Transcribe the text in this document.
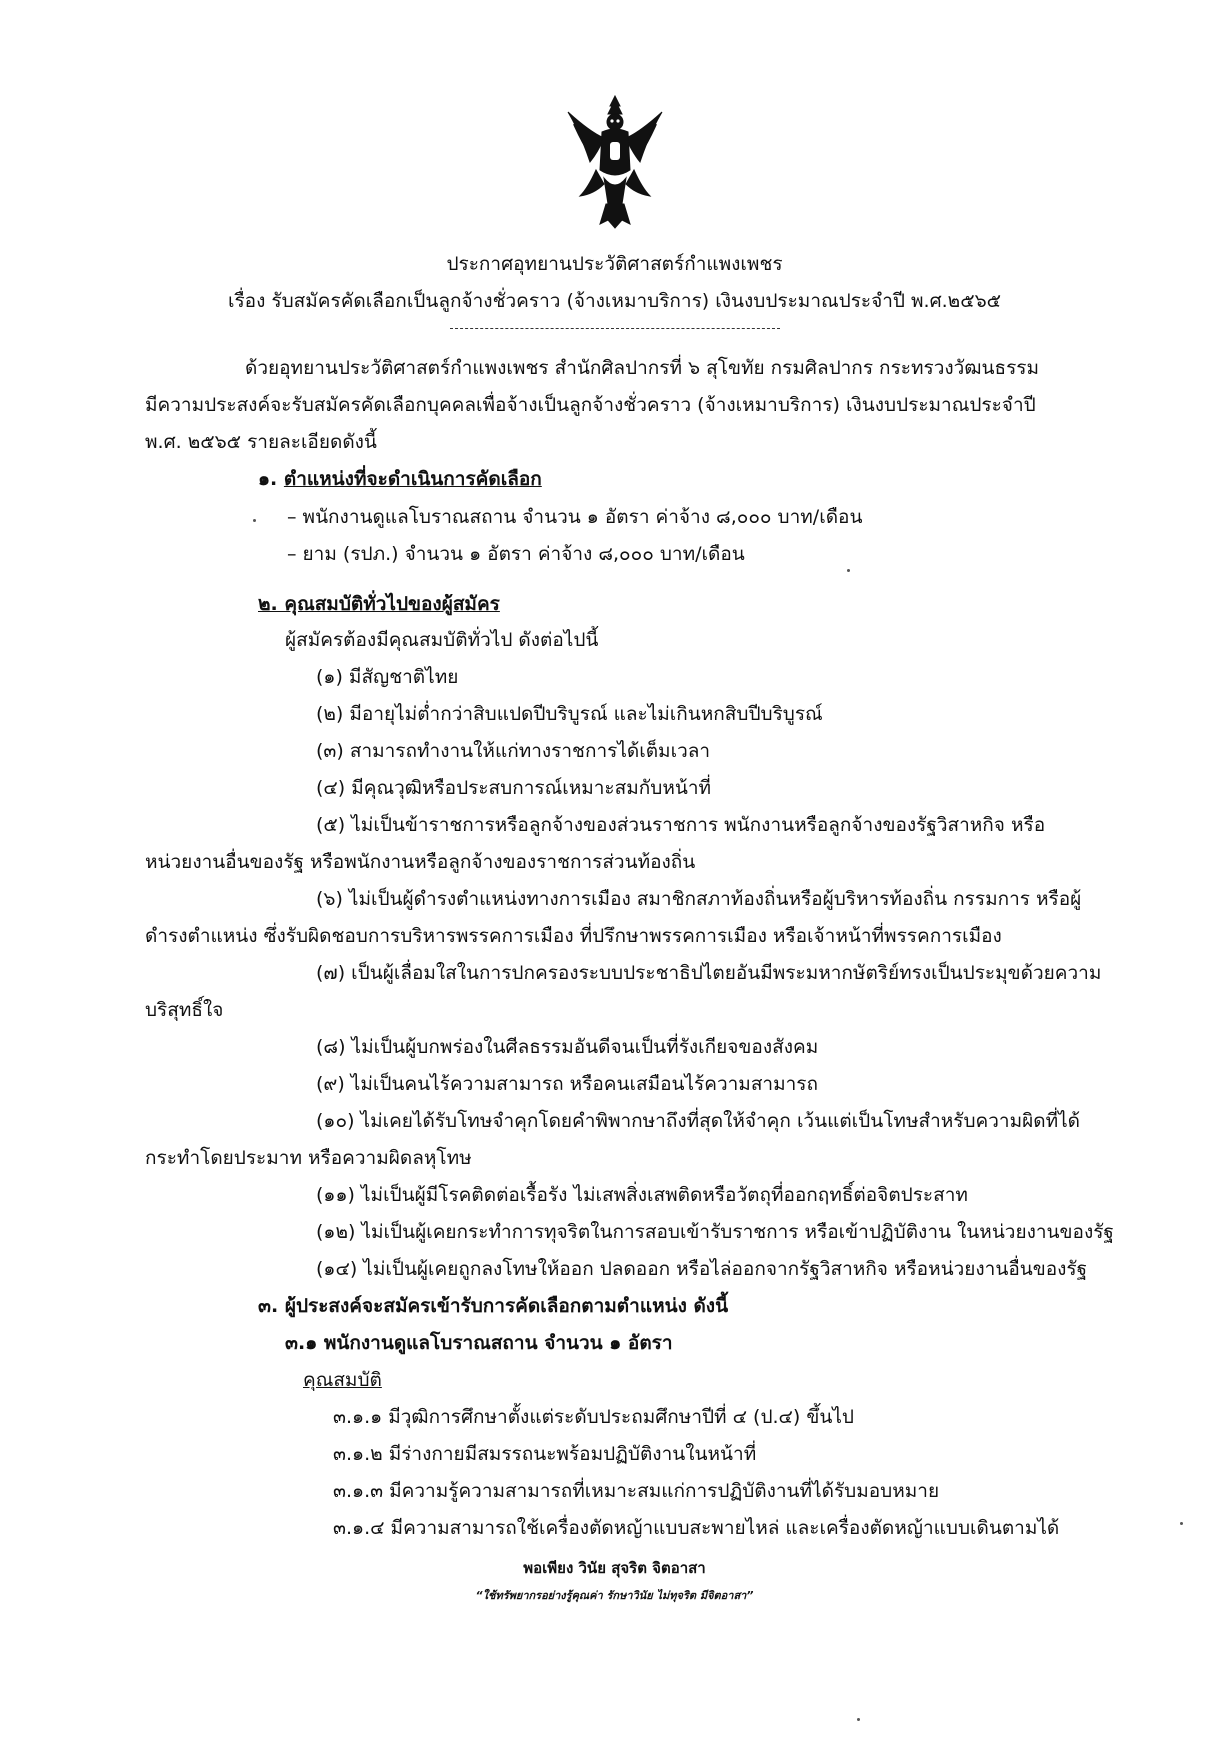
ประกาศอุทยานประวัติศาสตร์กำแพงเพชร
เรื่อง รับสมัครคัดเลือกเป็นลูกจ้างชั่วคราว (จ้างเหมาบริการ) เงินงบประมาณประจำปี พ.ศ.๒๕๖๕
ด้วยอุทยานประวัติศาสตร์กำแพงเพชร สำนักศิลปากรที่ ๖ สุโขทัย กรมศิลปากร กระทรวงวัฒนธรรม
มีความประสงค์จะรับสมัครคัดเลือกบุคคลเพื่อจ้างเป็นลูกจ้างชั่วคราว (จ้างเหมาบริการ) เงินงบประมาณประจำปี
พ.ศ. ๒๕๖๕ รายละเอียดดังนี้
๑. ตำแหน่งที่จะดำเนินการคัดเลือก
– พนักงานดูแลโบราณสถาน จำนวน ๑ อัตรา ค่าจ้าง ๘,๐๐๐ บาท/เดือน
– ยาม (รปภ.) จำนวน ๑ อัตรา ค่าจ้าง ๘,๐๐๐ บาท/เดือน
๒. คุณสมบัติทั่วไปของผู้สมัคร
ผู้สมัครต้องมีคุณสมบัติทั่วไป ดังต่อไปนี้
(๑) มีสัญชาติไทย
(๒) มีอายุไม่ต่ำกว่าสิบแปดปีบริบูรณ์ และไม่เกินหกสิบปีบริบูรณ์
(๓) สามารถทำงานให้แก่ทางราชการได้เต็มเวลา
(๔) มีคุณวุฒิหรือประสบการณ์เหมาะสมกับหน้าที่
(๕) ไม่เป็นข้าราชการหรือลูกจ้างของส่วนราชการ พนักงานหรือลูกจ้างของรัฐวิสาหกิจ หรือ
หน่วยงานอื่นของรัฐ หรือพนักงานหรือลูกจ้างของราชการส่วนท้องถิ่น
(๖) ไม่เป็นผู้ดำรงตำแหน่งทางการเมือง สมาชิกสภาท้องถิ่นหรือผู้บริหารท้องถิ่น กรรมการ หรือผู้
ดำรงตำแหน่ง ซึ่งรับผิดชอบการบริหารพรรคการเมือง ที่ปรึกษาพรรคการเมือง หรือเจ้าหน้าที่พรรคการเมือง
(๗) เป็นผู้เลื่อมใสในการปกครองระบบประชาธิปไตยอันมีพระมหากษัตริย์ทรงเป็นประมุขด้วยความ
บริสุทธิ์ใจ
(๘) ไม่เป็นผู้บกพร่องในศีลธรรมอันดีจนเป็นที่รังเกียจของสังคม
(๙) ไม่เป็นคนไร้ความสามารถ หรือคนเสมือนไร้ความสามารถ
(๑๐) ไม่เคยได้รับโทษจำคุกโดยคำพิพากษาถึงที่สุดให้จำคุก เว้นแต่เป็นโทษสำหรับความผิดที่ได้
กระทำโดยประมาท หรือความผิดลหุโทษ
(๑๑) ไม่เป็นผู้มีโรคติดต่อเรื้อรัง ไม่เสพสิ่งเสพติดหรือวัตถุที่ออกฤทธิ์ต่อจิตประสาท
(๑๒) ไม่เป็นผู้เคยกระทำการทุจริตในการสอบเข้ารับราชการ หรือเข้าปฏิบัติงาน ในหน่วยงานของรัฐ
(๑๔) ไม่เป็นผู้เคยถูกลงโทษให้ออก ปลดออก หรือไล่ออกจากรัฐวิสาหกิจ หรือหน่วยงานอื่นของรัฐ
๓. ผู้ประสงค์จะสมัครเข้ารับการคัดเลือกตามตำแหน่ง ดังนี้
๓.๑ พนักงานดูแลโบราณสถาน จำนวน ๑ อัตรา
คุณสมบัติ
๓.๑.๑ มีวุฒิการศึกษาตั้งแต่ระดับประถมศึกษาปีที่ ๔ (ป.๔) ขึ้นไป
๓.๑.๒ มีร่างกายมีสมรรถนะพร้อมปฏิบัติงานในหน้าที่
๓.๑.๓ มีความรู้ความสามารถที่เหมาะสมแก่การปฏิบัติงานที่ได้รับมอบหมาย
๓.๑.๔ มีความสามารถใช้เครื่องตัดหญ้าแบบสะพายไหล่ และเครื่องตัดหญ้าแบบเดินตามได้
พอเพียง วินัย สุจริต จิตอาสา
“ใช้ทรัพยากรอย่างรู้คุณค่า รักษาวินัย ไม่ทุจริต มีจิตอาสา”
